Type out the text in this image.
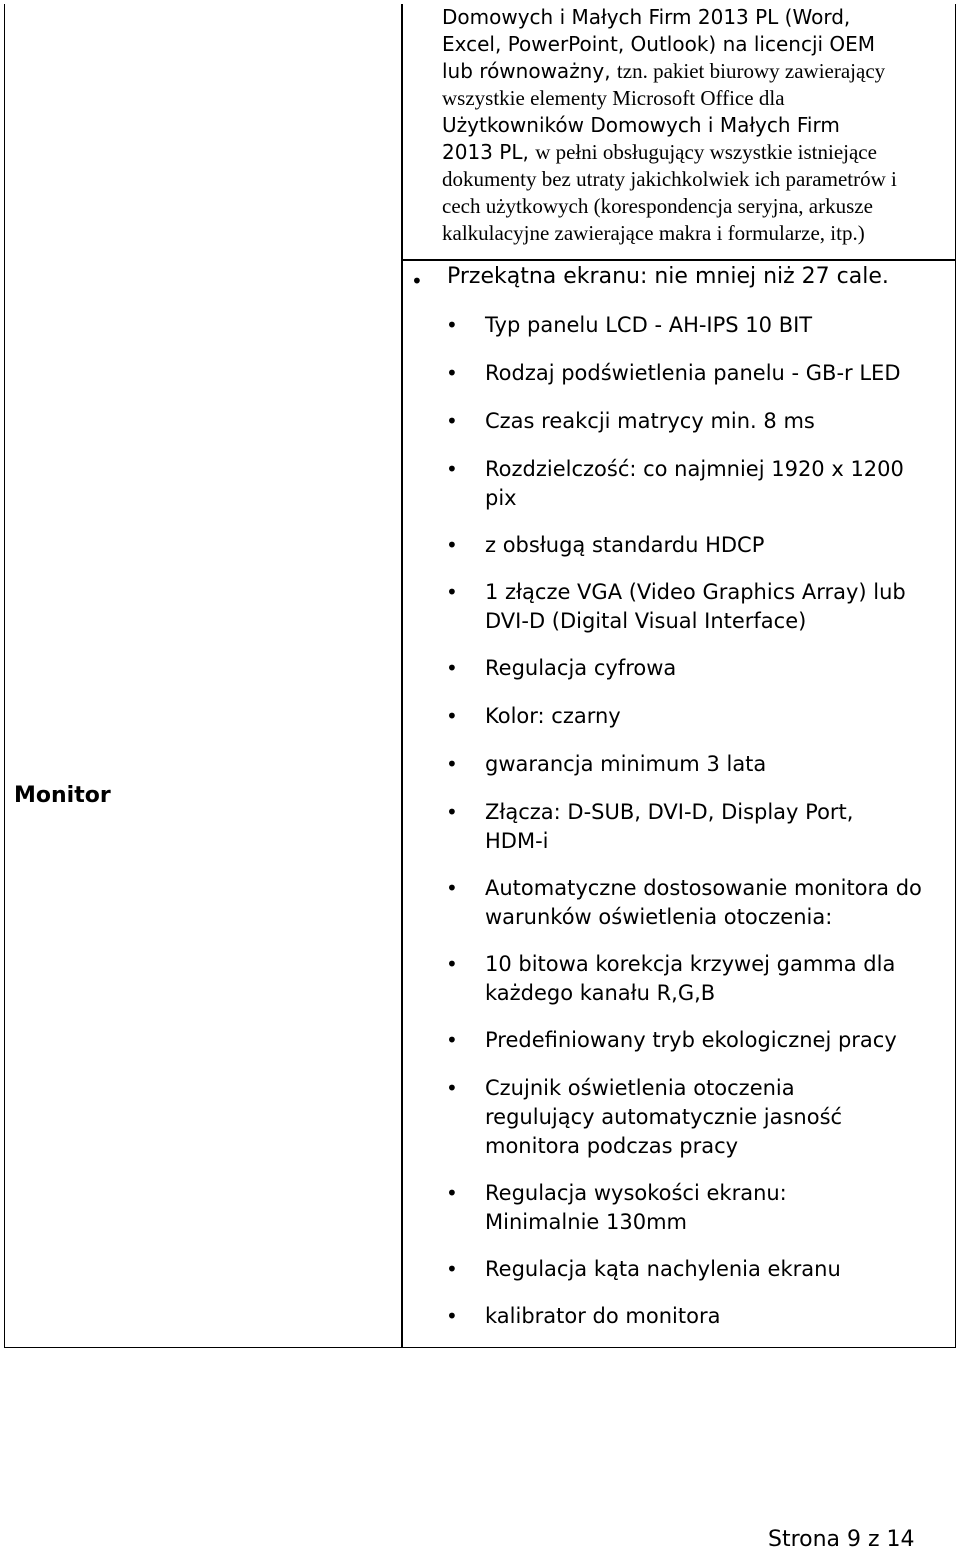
Domowych i Małych Firm 2013 PL (Word,
Excel, PowerPoint, Outlook) na licencji OEM
lub równoważny, tzn. pakiet biurowy zawierający
wszystkie elementy Microsoft Office dla
Użytkowników Domowych i Małych Firm
2013 PL, w pełni obsługujący wszystkie istniejące
dokumenty bez utraty jakichkolwiek ich parametrów i
cech użytkowych (korespondencja seryjna, arkusze
kalkulacyjne zawierające makra i formularze, itp.)
Monitor
• Przekątna ekranu: nie mniej niż 27 cale.
• Typ panelu LCD - AH-IPS 10 BIT
• Rodzaj podświetlenia panelu - GB-r LED
• Czas reakcji matrycy min. 8 ms
• Rozdzielczość: co najmniej 1920 x 1200 pix
• z obsługą standardu HDCP
• 1 złącze VGA (Video Graphics Array) lub DVI-D (Digital Visual Interface)
• Regulacja cyfrowa
• Kolor: czarny
• gwarancja minimum 3 lata
• Złącza: D-SUB, DVI-D, Display Port, HDM-i
• Automatyczne dostosowanie monitora do warunków oświetlenia otoczenia:
• 10 bitowa korekcja krzywej gamma dla każdego kanału R,G,B
• Predefiniowany tryb ekologicznej pracy
• Czujnik oświetlenia otoczenia regulujący automatycznie jasność monitora podczas pracy
• Regulacja wysokości ekranu: Minimalnie 130mm
• Regulacja kąta nachylenia ekranu
• kalibrator do monitora
Strona 9 z 14
